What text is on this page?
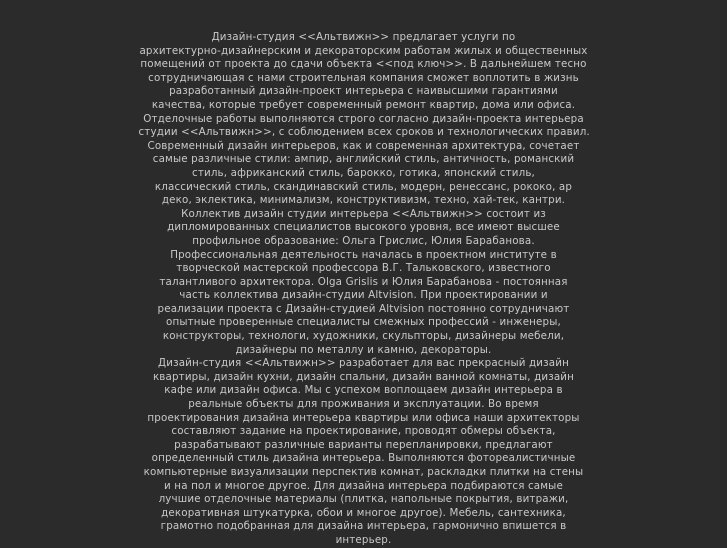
Дизайн-студия <<Альтвижн>> предлагает услуги по
архитектурно-дизайнерским и декораторским работам жилых и общественных
помещений от проекта до сдачи объекта <<под ключ>>. В дальнейшем тесно
сотрудничающая с нами строительная компания сможет воплотить в жизнь
разработанный дизайн-проект интерьера с наивысшими гарантиями
качества, которые требует современный ремонт квартир, дома или офиса.
Отделочные работы выполняются строго согласно дизайн-проекта интерьера
студии <<Альтвижн>>, с соблюдением всех сроков и технологических правил.
Современный дизайн интерьеров, как и современная архитектура, сочетает
самые различные стили: ампир, английский стиль, античность, романский
стиль, африканский стиль, барокко, готика, японский стиль,
классический стиль, скандинавский стиль, модерн, ренессанс, рококо, ар
деко, эклектика, минимализм, конструктивизм, техно, хай-тек, кантри.
Коллектив дизайн студии интерьера <<Альтвижн>> состоит из
дипломированных специалистов высокого уровня, все имеют высшее
профильное образование: Ольга Грислис, Юлия Барабанова.
Профессиональная деятельность началась в проектном институте в
творческой мастерской профессора В.Г. Тальковского, известного
талантливого архитектора. Olga Grislis и Юлия Барабанова - постоянная
часть коллектива дизайн-студии Altvision. При проектировании и
реализации проекта с Дизайн-студией Altvision постоянно сотрудничают
опытные проверенные специалисты смежных профессий - инженеры,
конструкторы, технологи, художники, скульпторы, дизайнеры мебели,
дизайнеры по металлу и камню, декораторы.
Дизайн-студия <<Альтвижн>> разработает для вас прекрасный дизайн
квартиры, дизайн кухни, дизайн спальни, дизайн ванной комнаты, дизайн
кафе или дизайн офиса. Мы с успехом воплощаем дизайн интерьера в
реальные объекты для проживания и эксплуатации. Во время
проектирования дизайна интерьера квартиры или офиса наши архитекторы
составляют задание на проектирование, проводят обмеры объекта,
разрабатывают различные варианты перепланировки, предлагают
определенный стиль дизайна интерьера. Выполняются фотореалистичные
компьютерные визуализации перспектив комнат, раскладки плитки на стены
и на пол и многое другое. Для дизайна интерьера подбираются самые
лучшие отделочные материалы (плитка, напольные покрытия, витражи,
декоративная штукатурка, обои и многое другое). Мебель, сантехника,
грамотно подобранная для дизайна интерьера, гармонично впишется в
интерьер.
